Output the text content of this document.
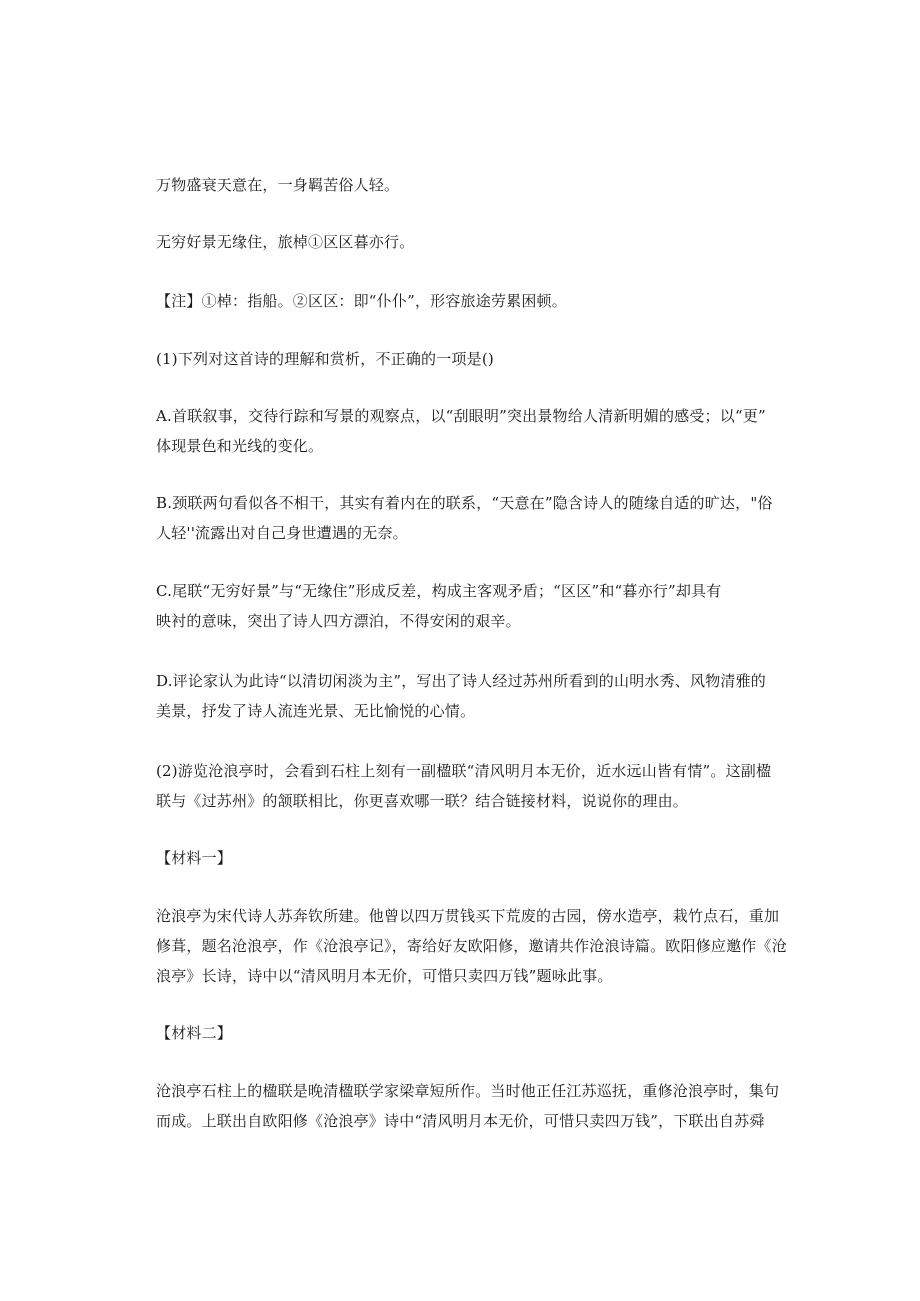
万物盛衰天意在，一身羁苦俗人轻。
无穷好景无缘住，旅棹①区区暮亦行。
【注】①棹：指船。②区区：即“仆仆”，形容旅途劳累困顿。
(1)下列对这首诗的理解和赏析，不正确的一项是()
A.首联叙事，交待行踪和写景的观察点，以“刮眼明”突出景物给人清新明媚的感受；以“更”
体现景色和光线的变化。
B.颈联两句看似各不相干，其实有着内在的联系，“天意在”隐含诗人的随缘自适的旷达，"俗
人轻''流露出对自己身世遭遇的无奈。
C.尾联“无穷好景”与“无缘住”形成反差，构成主客观矛盾；“区区”和“暮亦行”却具有
映衬的意味，突出了诗人四方漂泊，不得安闲的艰辛。
D.评论家认为此诗“以清切闲淡为主”，写出了诗人经过苏州所看到的山明水秀、风物清雅的
美景，抒发了诗人流连光景、无比愉悦的心情。
(2)游览沧浪亭时，会看到石柱上刻有一副楹联“清风明月本无价，近水远山皆有情”。这副楹
联与《过苏州》的颔联相比，你更喜欢哪一联？结合链接材料，说说你的理由。
【材料一】
沧浪亭为宋代诗人苏奔钦所建。他曾以四万贯钱买下荒废的古园，傍水造亭，栽竹点石，重加
修葺，题名沧浪亭，作《沧浪亭记》，寄给好友欧阳修，邀请共作沧浪诗篇。欧阳修应邀作《沧
浪亭》长诗，诗中以“清风明月本无价，可惜只卖四万钱”题咏此事。
【材料二】
沧浪亭石柱上的楹联是晚清楹联学家梁章短所作。当时他正任江苏巡抚，重修沧浪亭时，集句
而成。上联出自欧阳修《沧浪亭》诗中“清风明月本无价，可惜只卖四万钱”，下联出自苏舜
